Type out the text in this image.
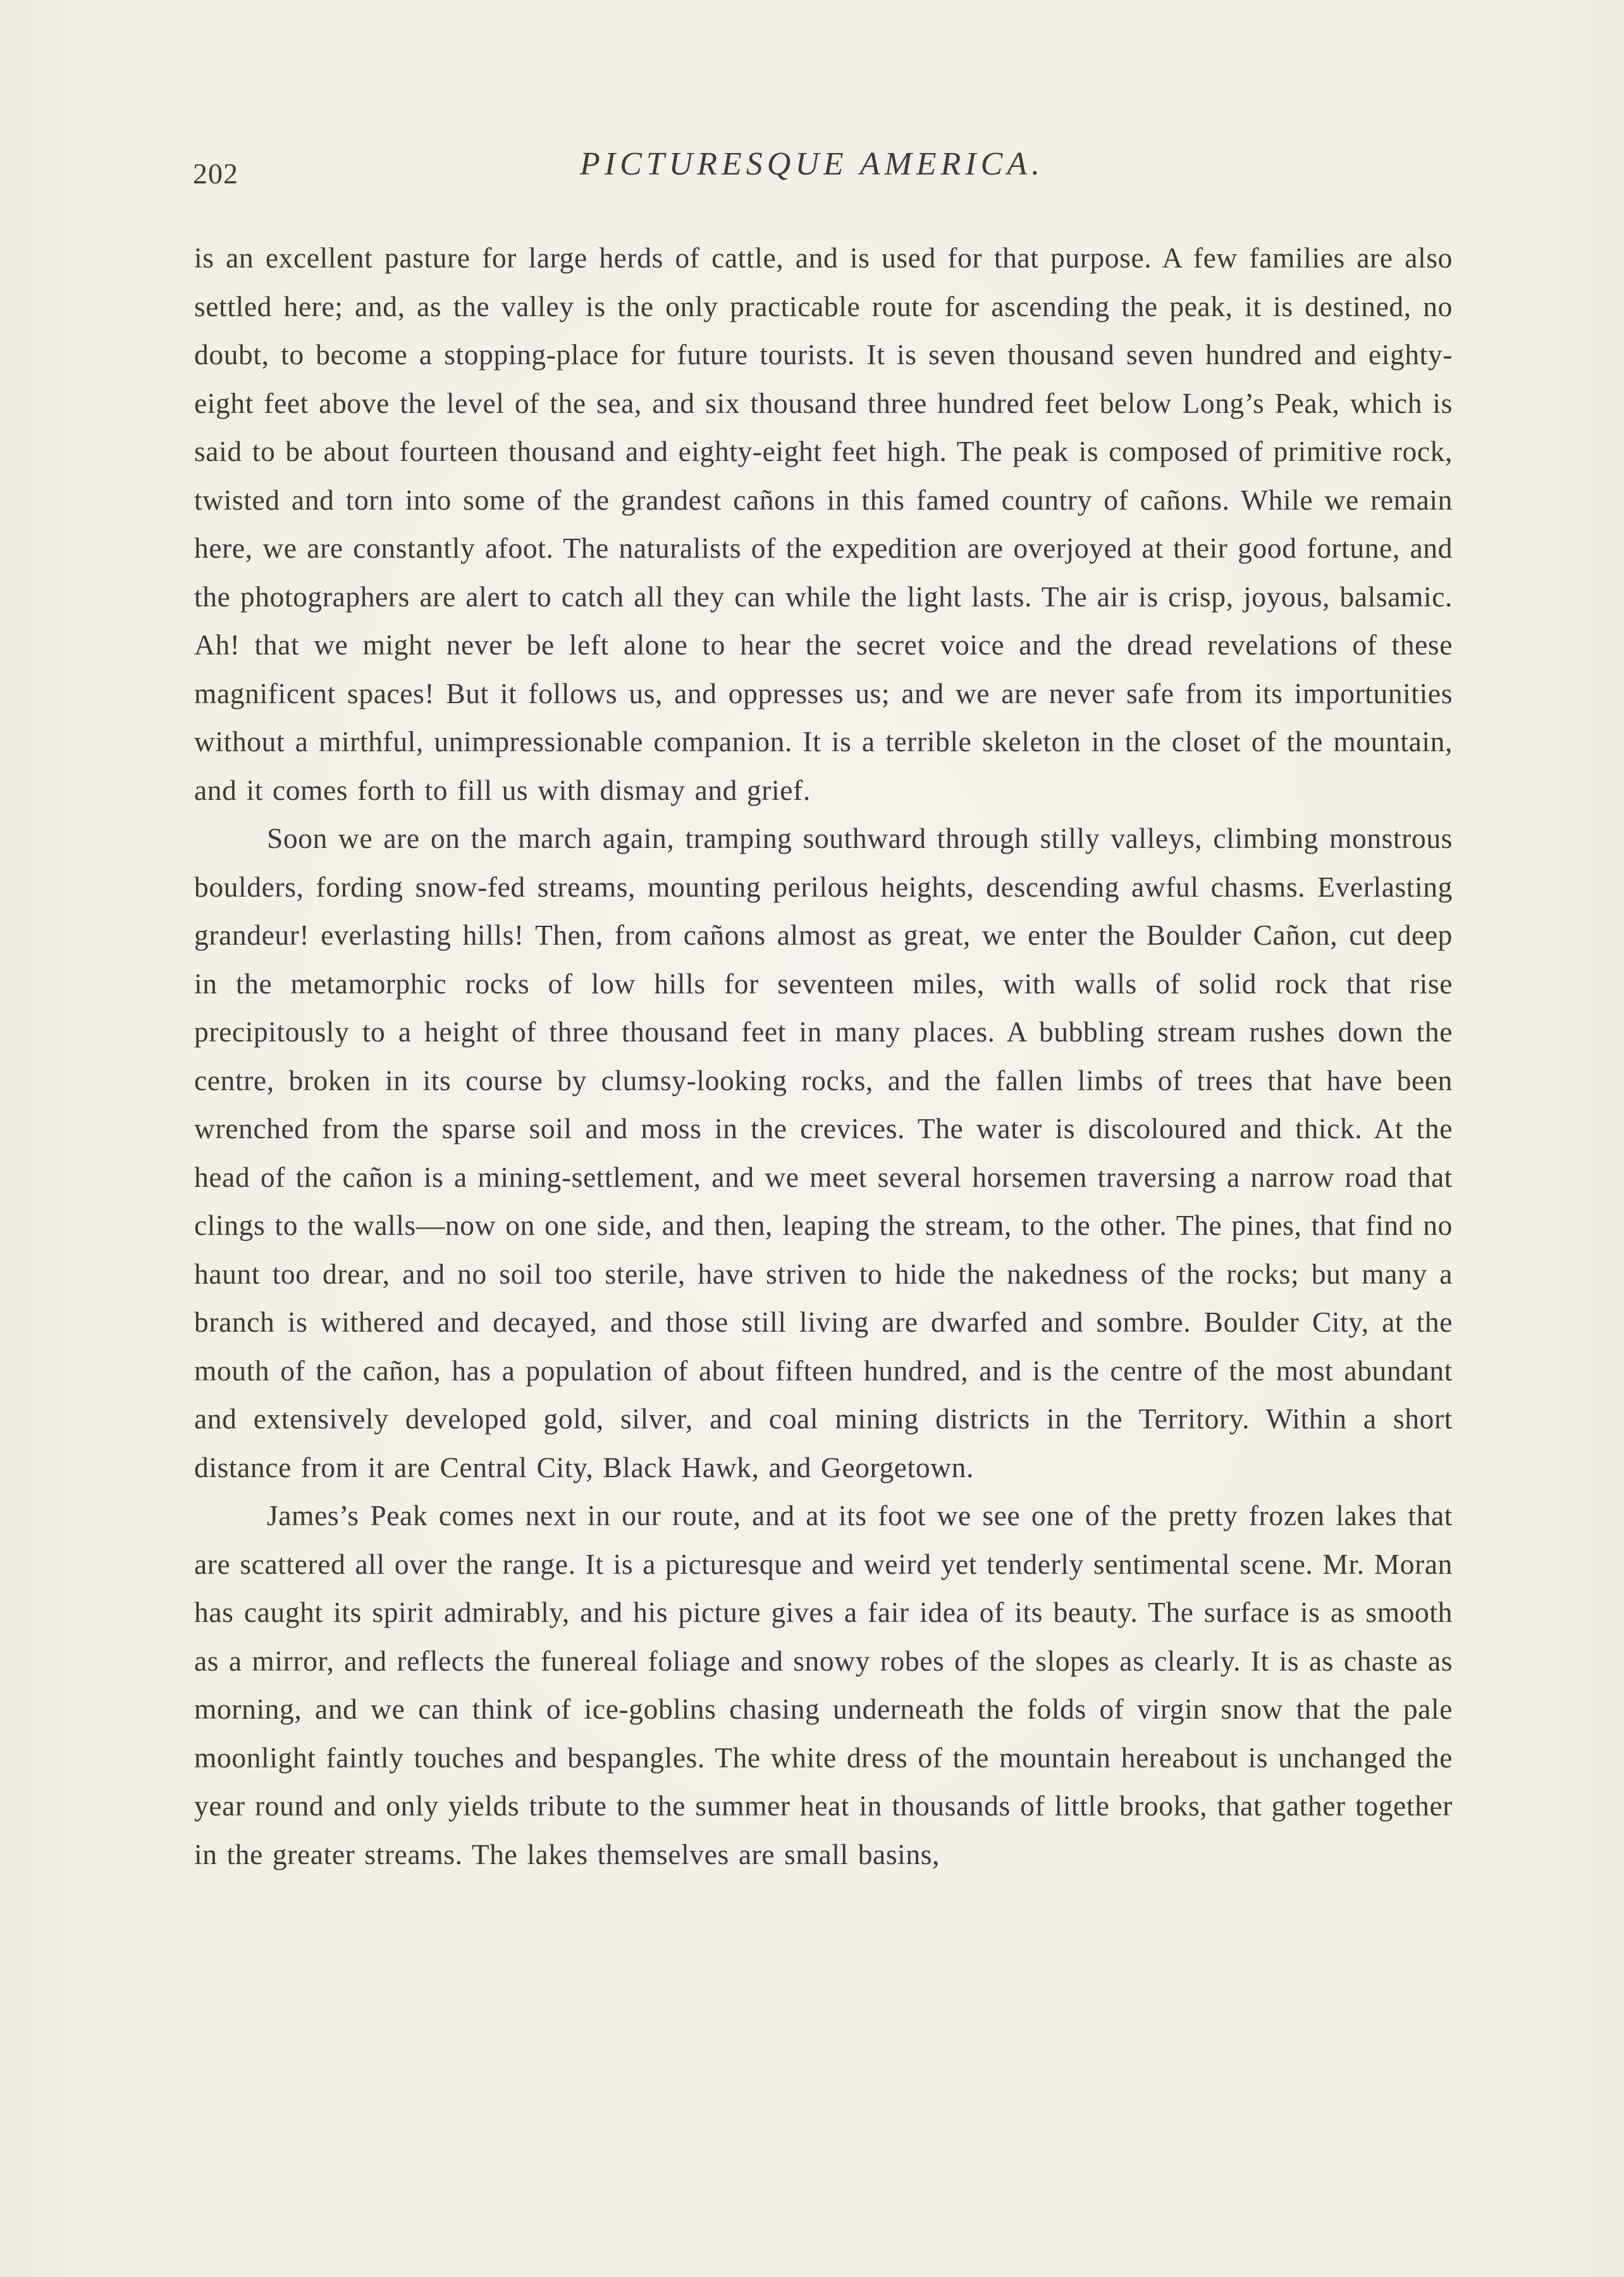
202	PICTURESQUE AMERICA.

is an excellent pasture for large herds of cattle, and is used for that purpose. A few families are also settled here; and, as the valley is the only practicable route for ascending the peak, it is destined, no doubt, to become a stopping-place for future tourists. It is seven thousand seven hundred and eighty-eight feet above the level of the sea, and six thousand three hundred feet below Long’s Peak, which is said to be about fourteen thousand and eighty-eight feet high. The peak is composed of primitive rock, twisted and torn into some of the grandest cañons in this famed country of cañons. While we remain here, we are constantly afoot. The naturalists of the expedition are overjoyed at their good fortune, and the photographers are alert to catch all they can while the light lasts. The air is crisp, joyous, balsamic. Ah! that we might never be left alone to hear the secret voice and the dread revelations of these magnificent spaces! But it follows us, and oppresses us; and we are never safe from its importunities without a mirthful, unimpressionable companion. It is a terrible skeleton in the closet of the mountain, and it comes forth to fill us with dismay and grief.

Soon we are on the march again, tramping southward through stilly valleys, climbing monstrous boulders, fording snow-fed streams, mounting perilous heights, descending awful chasms. Everlasting grandeur! everlasting hills! Then, from cañons almost as great, we enter the Boulder Cañon, cut deep in the metamorphic rocks of low hills for seventeen miles, with walls of solid rock that rise precipitously to a height of three thousand feet in many places. A bubbling stream rushes down the centre, broken in its course by clumsy-looking rocks, and the fallen limbs of trees that have been wrenched from the sparse soil and moss in the crevices. The water is discoloured and thick. At the head of the cañon is a mining-settlement, and we meet several horsemen traversing a narrow road that clings to the walls—now on one side, and then, leaping the stream, to the other. The pines, that find no haunt too drear, and no soil too sterile, have striven to hide the nakedness of the rocks; but many a branch is withered and decayed, and those still living are dwarfed and sombre. Boulder City, at the mouth of the cañon, has a population of about fifteen hundred, and is the centre of the most abundant and extensively developed gold, silver, and coal mining districts in the Territory. Within a short distance from it are Central City, Black Hawk, and Georgetown.

James’s Peak comes next in our route, and at its foot we see one of the pretty frozen lakes that are scattered all over the range. It is a picturesque and weird yet tenderly sentimental scene. Mr. Moran has caught its spirit admirably, and his picture gives a fair idea of its beauty. The surface is as smooth as a mirror, and reflects the funereal foliage and snowy robes of the slopes as clearly. It is as chaste as morning, and we can think of ice-goblins chasing underneath the folds of virgin snow that the pale moonlight faintly touches and bespangles. The white dress of the mountain hereabout is unchanged the year round and only yields tribute to the summer heat in thousands of little brooks, that gather together in the greater streams. The lakes themselves are small basins,
